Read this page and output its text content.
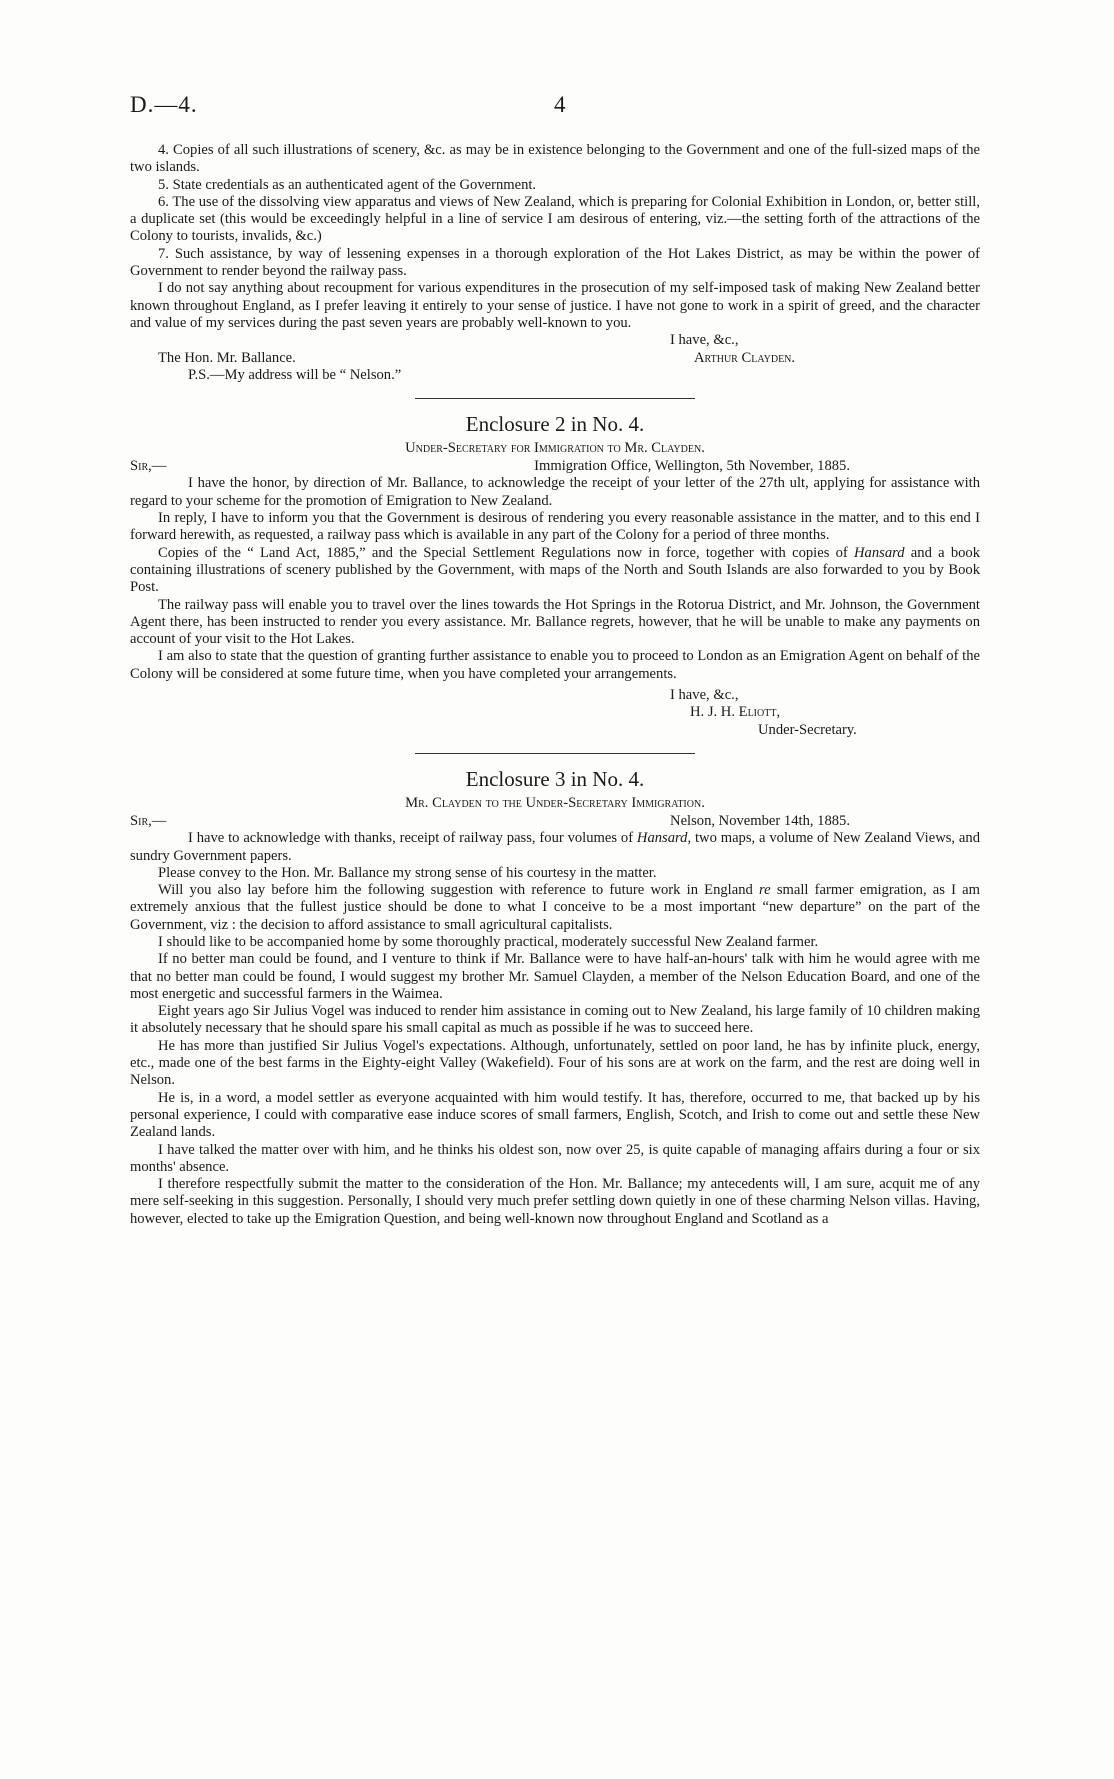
D.—4.	4

4. Copies of all such illustrations of scenery, &c. as may be in existence belonging to the Government and one of the full-sized maps of the two islands.

5. State credentials as an authenticated agent of the Government.

6. The use of the dissolving view apparatus and views of New Zealand, which is preparing for Colonial Exhibition in London, or, better still, a duplicate set (this would be exceedingly helpful in a line of service I am desirous of entering, viz.—the setting forth of the attractions of the Colony to tourists, invalids, &c.)

7. Such assistance, by way of lessening expenses in a thorough exploration of the Hot Lakes District, as may be within the power of Government to render beyond the railway pass.

I do not say anything about recoupment for various expenditures in the prosecution of my self-imposed task of making New Zealand better known throughout England, as I prefer leaving it entirely to your sense of justice. I have not gone to work in a spirit of greed, and the character and value of my services during the past seven years are probably well-known to you.

I have, &c.,

The Hon. Mr. Ballance.	Arthur Clayden.

P.S.—My address will be “ Nelson.”

Enclosure 2 in No. 4.
Under-Secretary for Immigration to Mr. Clayden.
Sir,—	Immigration Office, Wellington, 5th November, 1885.

I have the honor, by direction of Mr. Ballance, to acknowledge the receipt of your letter of the 27th ult, applying for assistance with regard to your scheme for the promotion of Emigration to New Zealand.

In reply, I have to inform you that the Government is desirous of rendering you every reasonable assistance in the matter, and to this end I forward herewith, as requested, a railway pass which is available in any part of the Colony for a period of three months.

Copies of the “ Land Act, 1885,” and the Special Settlement Regulations now in force, together with copies of Hansard and a book containing illustrations of scenery published by the Government, with maps of the North and South Islands are also forwarded to you by Book Post.

The railway pass will enable you to travel over the lines towards the Hot Springs in the Rotorua District, and Mr. Johnson, the Government Agent there, has been instructed to render you every assistance. Mr. Ballance regrets, however, that he will be unable to make any payments on account of your visit to the Hot Lakes.

I am also to state that the question of granting further assistance to enable you to proceed to London as an Emigration Agent on behalf of the Colony will be considered at some future time, when you have completed your arrangements.

I have, &c.,

H. J. H. Eliott,

Under-Secretary.

Enclosure 3 in No. 4.
Mr. Clayden to the Under-Secretary Immigration.
Sir,—	Nelson, November 14th, 1885.

I have to acknowledge with thanks, receipt of railway pass, four volumes of Hansard, two maps, a volume of New Zealand Views, and sundry Government papers.

Please convey to the Hon. Mr. Ballance my strong sense of his courtesy in the matter.

Will you also lay before him the following suggestion with reference to future work in England re small farmer emigration, as I am extremely anxious that the fullest justice should be done to what I conceive to be a most important “new departure” on the part of the Government, viz : the decision to afford assistance to small agricultural capitalists.

I should like to be accompanied home by some thoroughly practical, moderately successful New Zealand farmer.

If no better man could be found, and I venture to think if Mr. Ballance were to have half-an-hours' talk with him he would agree with me that no better man could be found, I would suggest my brother Mr. Samuel Clayden, a member of the Nelson Education Board, and one of the most energetic and successful farmers in the Waimea.

Eight years ago Sir Julius Vogel was induced to render him assistance in coming out to New Zealand, his large family of 10 children making it absolutely necessary that he should spare his small capital as much as possible if he was to succeed here.

He has more than justified Sir Julius Vogel's expectations. Although, unfortunately, settled on poor land, he has by infinite pluck, energy, etc., made one of the best farms in the Eighty-eight Valley (Wakefield). Four of his sons are at work on the farm, and the rest are doing well in Nelson.

He is, in a word, a model settler as everyone acquainted with him would testify. It has, therefore, occurred to me, that backed up by his personal experience, I could with comparative ease induce scores of small farmers, English, Scotch, and Irish to come out and settle these New Zealand lands.

I have talked the matter over with him, and he thinks his oldest son, now over 25, is quite capable of managing affairs during a four or six months' absence.

I therefore respectfully submit the matter to the consideration of the Hon. Mr. Ballance; my antecedents will, I am sure, acquit me of any mere self-seeking in this suggestion. Personally, I should very much prefer settling down quietly in one of these charming Nelson villas. Having, however, elected to take up the Emigration Question, and being well-known now throughout England and Scotland as a
